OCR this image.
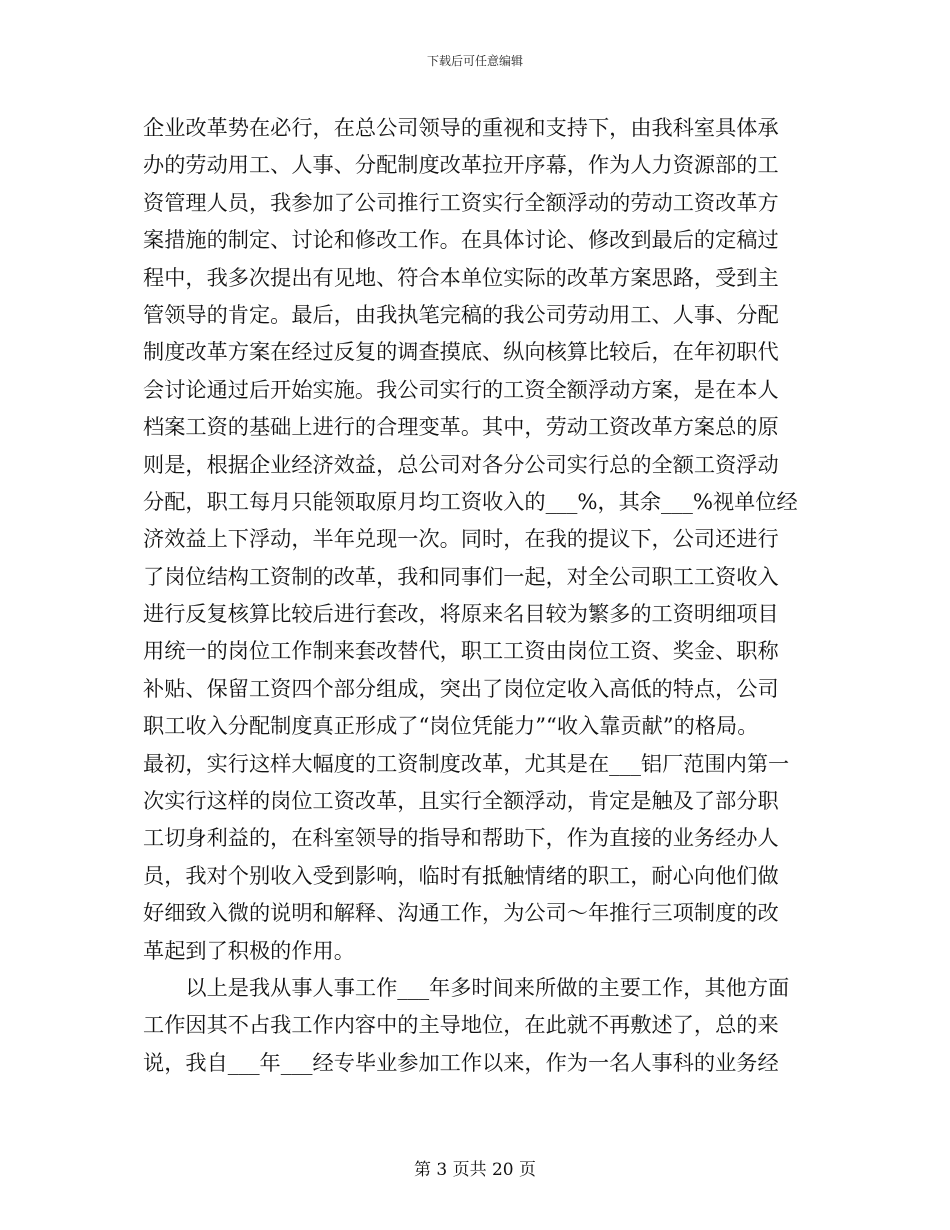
下载后可任意编辑
企业改革势在必行，在总公司领导的重视和支持下，由我科室具体承
办的劳动用工、人事、分配制度改革拉开序幕，作为人力资源部的工
资管理人员，我参加了公司推行工资实行全额浮动的劳动工资改革方
案措施的制定、讨论和修改工作。在具体讨论、修改到最后的定稿过
程中，我多次提出有见地、符合本单位实际的改革方案思路，受到主
管领导的肯定。最后，由我执笔完稿的我公司劳动用工、人事、分配
制度改革方案在经过反复的调查摸底、纵向核算比较后，在年初职代
会讨论通过后开始实施。我公司实行的工资全额浮动方案，是在本人
档案工资的基础上进行的合理变革。其中，劳动工资改革方案总的原
则是，根据企业经济效益，总公司对各分公司实行总的全额工资浮动
分配，职工每月只能领取原月均工资收入的___%，其余___%视单位经
济效益上下浮动，半年兑现一次。同时，在我的提议下，公司还进行
了岗位结构工资制的改革，我和同事们一起，对全公司职工工资收入
进行反复核算比较后进行套改，将原来名目较为繁多的工资明细项目
用统一的岗位工作制来套改替代，职工工资由岗位工资、奖金、职称
补贴、保留工资四个部分组成，突出了岗位定收入高低的特点，公司
职工收入分配制度真正形成了“岗位凭能力”“收入靠贡献”的格局。
最初，实行这样大幅度的工资制度改革，尤其是在___铝厂范围内第一
次实行这样的岗位工资改革，且实行全额浮动，肯定是触及了部分职
工切身利益的，在科室领导的指导和帮助下，作为直接的业务经办人
员，我对个别收入受到影响，临时有抵触情绪的职工，耐心向他们做
好细致入微的说明和解释、沟通工作，为公司～年推行三项制度的改
革起到了积极的作用。
　　以上是我从事人事工作___年多时间来所做的主要工作，其他方面
工作因其不占我工作内容中的主导地位，在此就不再敷述了，总的来
说，我自___年___经专毕业参加工作以来，作为一名人事科的业务经
第 3 页共 20 页
